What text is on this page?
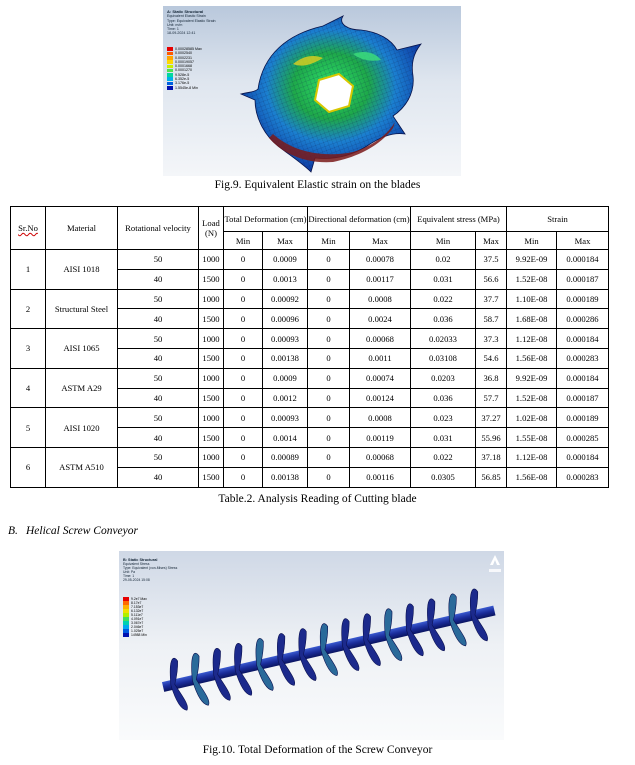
A: Static Structural
Equivalent Elastic Strain
Type: Equivalent Elastic Strain
Unit: m/m
Time: 1
18-09-2024 12:41
0.00028585 Max
0.0002540
0.0002231
0.00019057
0.0001668
0.0001270
9.528e-5
6.352e-5
3.176e-5
1.5545e-8 Min
Fig.9. Equivalent Elastic strain on the blades
Sr.No	Material	Rotational velocity	Load (N)	Total Deformation (cm)		Directional deformation (cm)		Equivalent stress (MPa)		Strain	
				Min	Max	Min	Max	Min	Max	Min	Max
1	AISI 1018	50	1000	0	0.0009	0	0.00078	0.02	37.5	9.92E-09	0.000184
		40	1500	0	0.0013	0	0.00117	0.031	56.6	1.52E-08	0.000187
2	Structural Steel	50	1000	0	0.00092	0	0.0008	0.022	37.7	1.10E-08	0.000189
		40	1500	0	0.00096	0	0.0024	0.036	58.7	1.68E-08	0.000286
3	AISI 1065	50	1000	0	0.00093	0	0.00068	0.02033	37.3	1.12E-08	0.000184
		40	1500	0	0.00138	0	0.0011	0.03108	54.6	1.56E-08	0.000283
4	ASTM A29	50	1000	0	0.0009	0	0.00074	0.0203	36.8	9.92E-09	0.000184
		40	1500	0	0.0012	0	0.00124	0.036	57.7	1.52E-08	0.000187
5	AISI 1020	50	1000	0	0.00093	0	0.0008	0.023	37.27	1.02E-08	0.000189
		40	1500	0	0.0014	0	0.00119	0.031	55.96	1.55E-08	0.000285
6	ASTM A510	50	1000	0	0.00089	0	0.00068	0.022	37.18	1.12E-08	0.000184
		40	1500	0	0.00138	0	0.00116	0.0305	56.85	1.56E-08	0.000283
Table.2. Analysis Reading of Cutting blade
B. Helical Screw Conveyor
B: Static Structural
Equivalent Stress
Type: Equivalent (von-Mises) Stress
Unit: Pa
Time: 1
29-05-2024 15:08
9.2e7 Max
8.17e7
7.153e7
6.132e7
5.111e7
4.091e7
3.067e7
2.046e7
1.025e7
14988 Min
Fig.10. Total Deformation of the Screw Conveyor
